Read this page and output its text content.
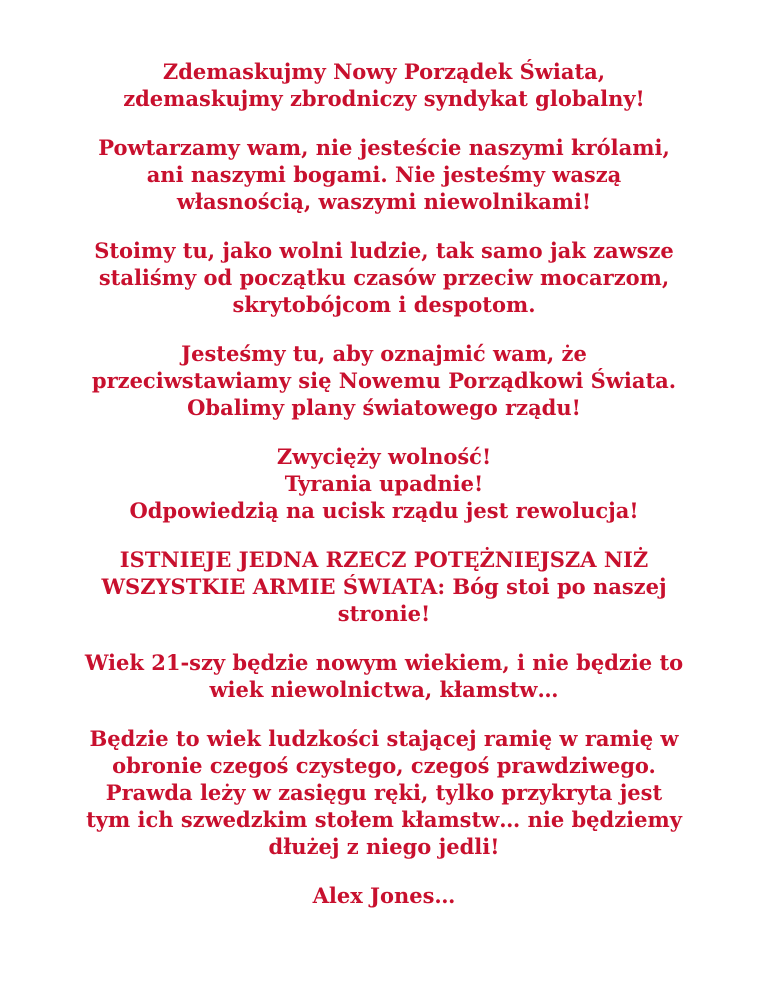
Zdemaskujmy Nowy Porządek Świata,
zdemaskujmy zbrodniczy syndykat globalny!

Powtarzamy wam, nie jesteście naszymi królami,
ani naszymi bogami. Nie jesteśmy waszą
własnością, waszymi niewolnikami!

Stoimy tu, jako wolni ludzie, tak samo jak zawsze
staliśmy od początku czasów przeciw mocarzom,
skrytobójcom i despotom.

Jesteśmy tu, aby oznajmić wam, że
przeciwstawiamy się Nowemu Porządkowi Świata.
Obalimy plany światowego rządu!

Zwycięży wolność!
Tyrania upadnie!
Odpowiedzią na ucisk rządu jest rewolucja!

ISTNIEJE JEDNA RZECZ POTĘŻNIEJSZA NIŻ
WSZYSTKIE ARMIE ŚWIATA: Bóg stoi po naszej
stronie!

Wiek 21-szy będzie nowym wiekiem, i nie będzie to
wiek niewolnictwa, kłamstw…

Będzie to wiek ludzkości stającej ramię w ramię w
obronie czegoś czystego, czegoś prawdziwego.
Prawda leży w zasięgu ręki, tylko przykryta jest
tym ich szwedzkim stołem kłamstw… nie będziemy
dłużej z niego jedli!

Alex Jones…
